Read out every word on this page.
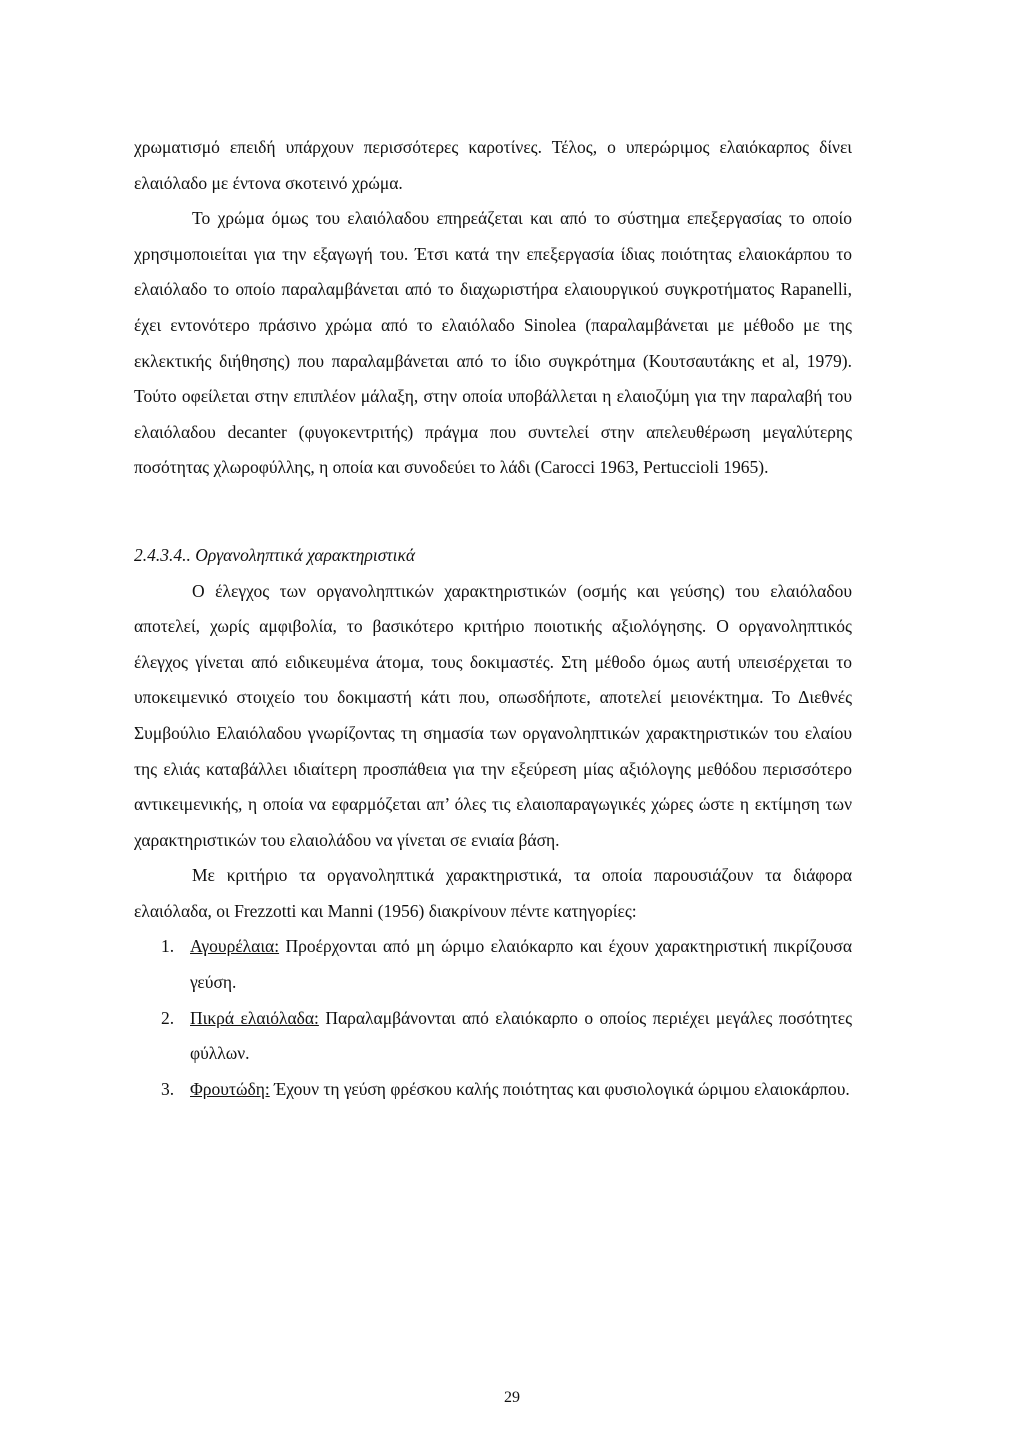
χρωματισμό επειδή υπάρχουν περισσότερες καροτίνες. Τέλος, ο υπερώριμος ελαιόκαρπος δίνει ελαιόλαδο με έντονα σκοτεινό χρώμα.

Το χρώμα όμως του ελαιόλαδου επηρεάζεται και από το σύστημα επεξεργασίας το οποίο χρησιμοποιείται για την εξαγωγή του. Έτσι κατά την επεξεργασία ίδιας ποιότητας ελαιοκάρπου το ελαιόλαδο το οποίο παραλαμβάνεται από το διαχωριστήρα ελαιουργικού συγκροτήματος Rapanelli, έχει εντονότερο πράσινο χρώμα από το ελαιόλαδο Sinolea (παραλαμβάνεται με μέθοδο με της εκλεκτικής διήθησης) που παραλαμβάνεται από το ίδιο συγκρότημα (Κουτσαυτάκης et al, 1979). Τούτο οφείλεται στην επιπλέον μάλαξη, στην οποία υποβάλλεται η ελαιοζύμη για την παραλαβή του ελαιόλαδου decanter (φυγοκεντριτής) πράγμα που συντελεί στην απελευθέρωση μεγαλύτερης ποσότητας χλωροφύλλης, η οποία και συνοδεύει το λάδι (Carocci 1963, Pertuccioli 1965).

2.4.3.4.. Οργανοληπτικά χαρακτηριστικά

Ο έλεγχος των οργανοληπτικών χαρακτηριστικών (οσμής και γεύσης) του ελαιόλαδου αποτελεί, χωρίς αμφιβολία, το βασικότερο κριτήριο ποιοτικής αξιολόγησης. Ο οργανοληπτικός έλεγχος γίνεται από ειδικευμένα άτομα, τους δοκιμαστές. Στη μέθοδο όμως αυτή υπεισέρχεται το υποκειμενικό στοιχείο του δοκιμαστή κάτι που, οπωσδήποτε, αποτελεί μειονέκτημα. Το Διεθνές Συμβούλιο Ελαιόλαδου γνωρίζοντας τη σημασία των οργανοληπτικών χαρακτηριστικών του ελαίου της ελιάς καταβάλλει ιδιαίτερη προσπάθεια για την εξεύρεση μίας αξιόλογης μεθόδου περισσότερο αντικειμενικής, η οποία να εφαρμόζεται απ’ όλες τις ελαιοπαραγωγικές χώρες ώστε η εκτίμηση των χαρακτηριστικών του ελαιολάδου να γίνεται σε ενιαία βάση.

Με κριτήριο τα οργανοληπτικά χαρακτηριστικά, τα οποία παρουσιάζουν τα διάφορα ελαιόλαδα, οι Frezzotti και Manni (1956) διακρίνουν πέντε κατηγορίες:

1. Αγουρέλαια: Προέρχονται από μη ώριμο ελαιόκαρπο και έχουν χαρακτηριστική πικρίζουσα γεύση.
2. Πικρά ελαιόλαδα: Παραλαμβάνονται από ελαιόκαρπο ο οποίος περιέχει μεγάλες ποσότητες φύλλων.
3. Φρουτώδη: Έχουν τη γεύση φρέσκου καλής ποιότητας και φυσιολογικά ώριμου ελαιοκάρπου.
29
